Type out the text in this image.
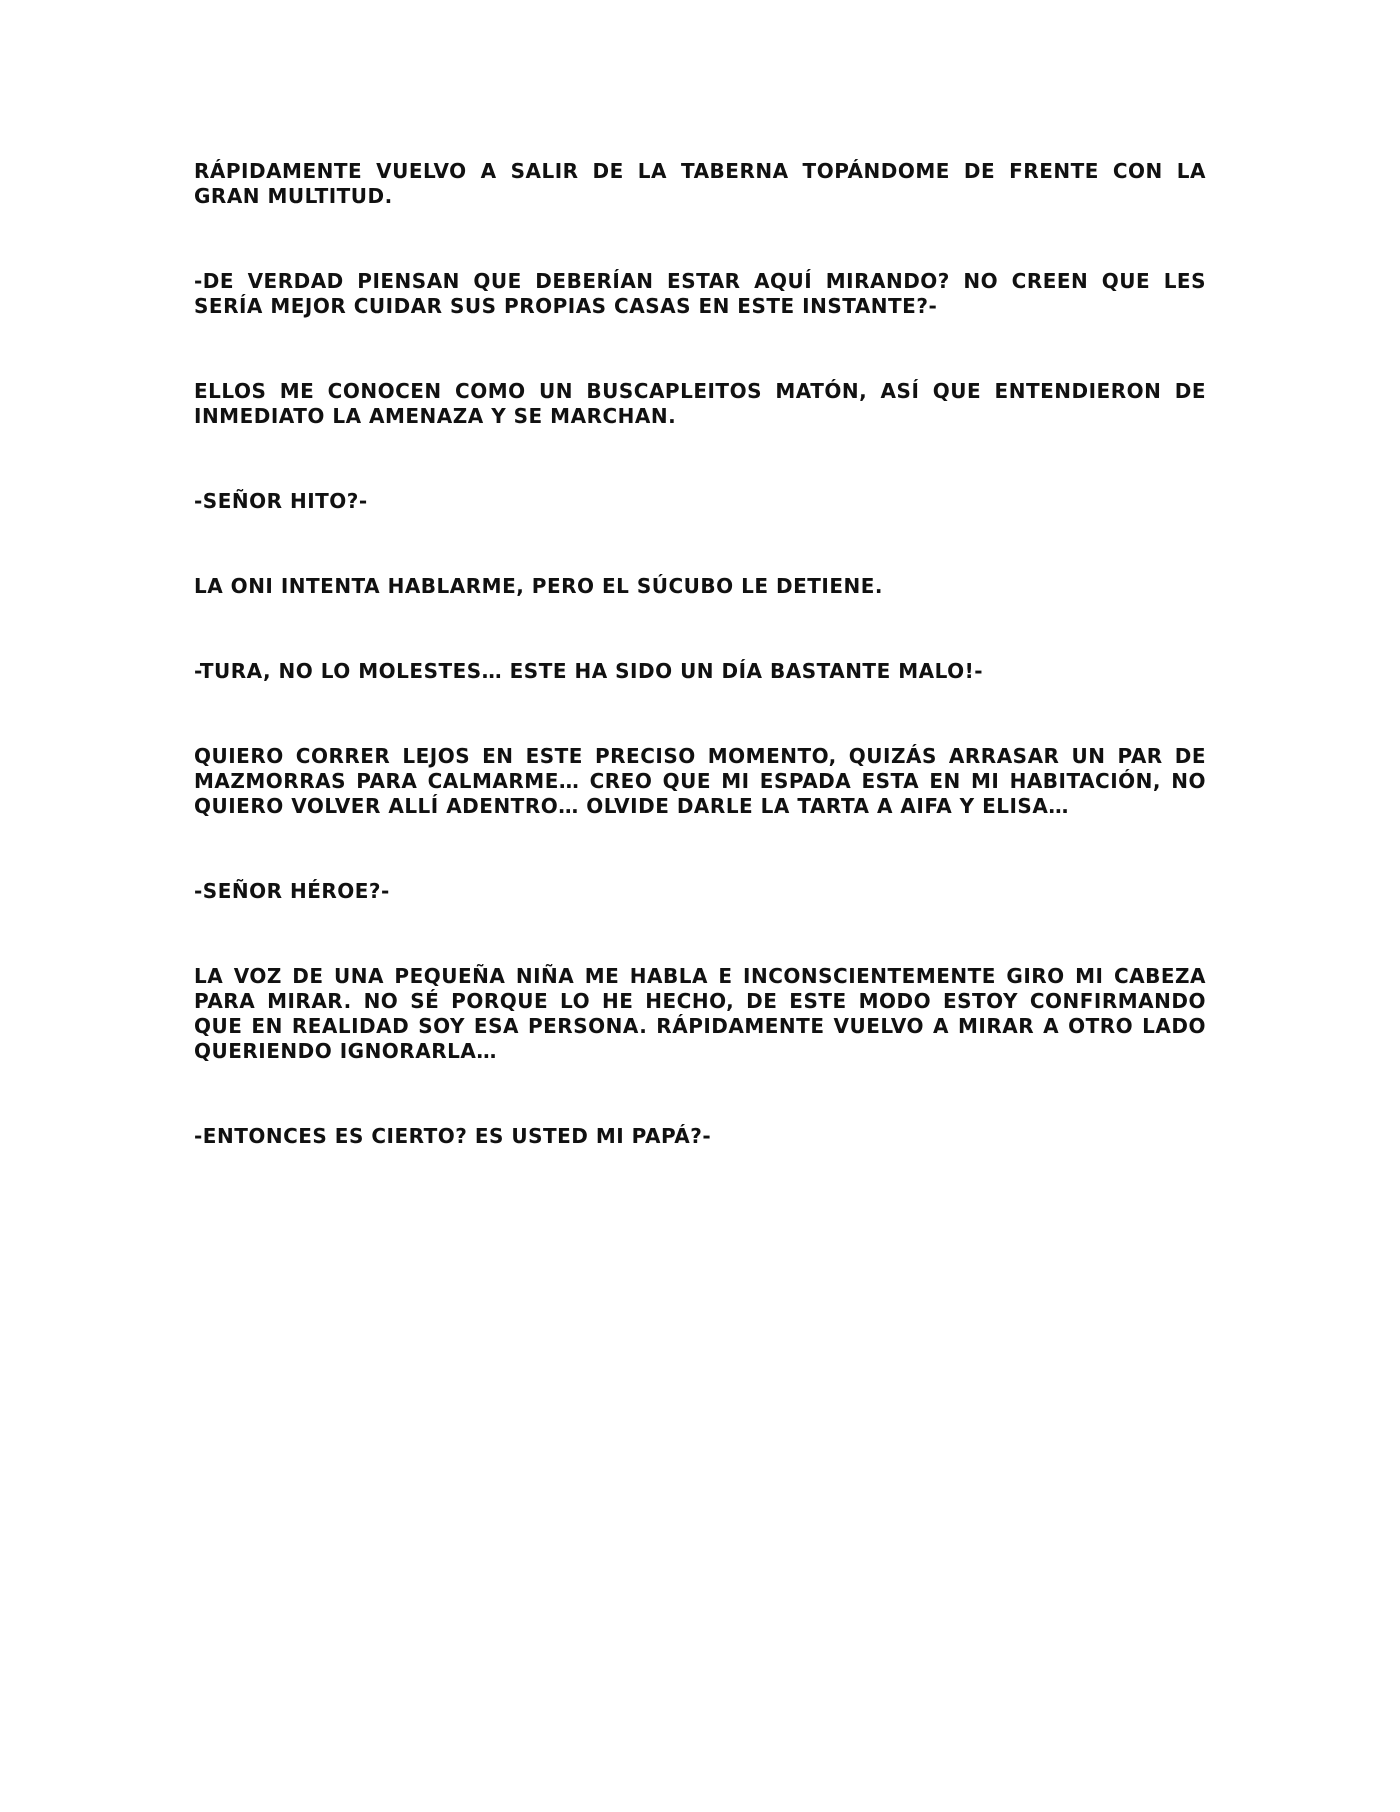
RÁPIDAMENTE VUELVO A SALIR DE LA TABERNA TOPÁNDOME DE FRENTE CON LA GRAN MULTITUD.

-DE VERDAD PIENSAN QUE DEBERÍAN ESTAR AQUÍ MIRANDO? NO CREEN QUE LES SERÍA MEJOR CUIDAR SUS PROPIAS CASAS EN ESTE INSTANTE?-

ELLOS ME CONOCEN COMO UN BUSCAPLEITOS MATÓN, ASÍ QUE ENTENDIERON DE INMEDIATO LA AMENAZA Y SE MARCHAN.

-SEÑOR HITO?-

LA ONI INTENTA HABLARME, PERO EL SÚCUBO LE DETIENE.

-TURA, NO LO MOLESTES… ESTE HA SIDO UN DÍA BASTANTE MALO!-

QUIERO CORRER LEJOS EN ESTE PRECISO MOMENTO, QUIZÁS ARRASAR UN PAR DE MAZMORRAS PARA CALMARME… CREO QUE MI ESPADA ESTA EN MI HABITACIÓN, NO QUIERO VOLVER ALLÍ ADENTRO… OLVIDE DARLE LA TARTA A AIFA Y ELISA…

-SEÑOR HÉROE?-

LA VOZ DE UNA PEQUEÑA NIÑA ME HABLA E INCONSCIENTEMENTE GIRO MI CABEZA PARA MIRAR. NO SÉ PORQUE LO HE HECHO, DE ESTE MODO ESTOY CONFIRMANDO QUE EN REALIDAD SOY ESA PERSONA. RÁPIDAMENTE VUELVO A MIRAR A OTRO LADO QUERIENDO IGNORARLA…

-ENTONCES ES CIERTO? ES USTED MI PAPÁ?-
